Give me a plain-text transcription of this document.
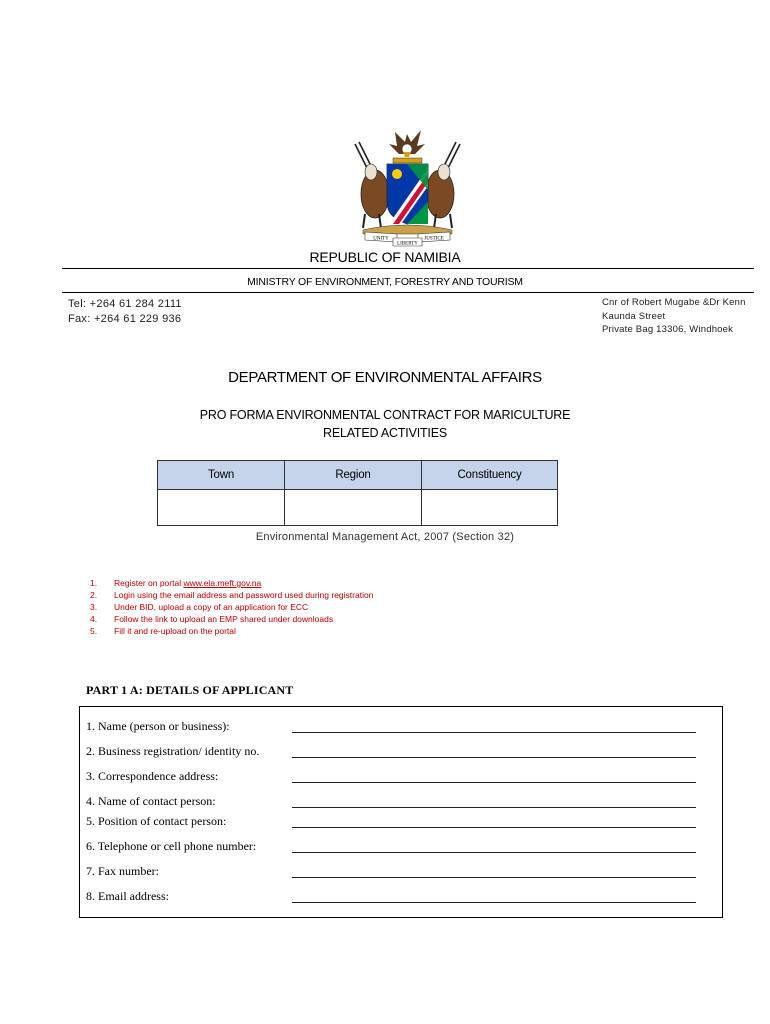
UNITY
LIBERTY
JUSTICE
REPUBLIC OF NAMIBIA
MINISTRY OF ENVIRONMENT, FORESTRY AND TOURISM
Tel: +264 61 284 2111
Fax: +264 61 229 936
Cnr of Robert Mugabe &Dr Kenn
Kaunda Street
Private Bag 13306, Windhoek
DEPARTMENT OF ENVIRONMENTAL AFFAIRS
PRO FORMA ENVIRONMENTAL CONTRACT FOR MARICULTURE
RELATED ACTIVITIES
Town	Region	Constituency

Environmental Management Act, 2007 (Section 32)
1. Register on portal www.eia.meft.gov.na
2. Login using the email address and password used during registration
3. Under BID, upload a copy of an application for ECC
4. Follow the link to upload an EMP shared under downloads
5. Fill it and re-upload on the portal
PART 1 A: DETAILS OF APPLICANT
1. Name (person or business):
2. Business registration/ identity no.
3. Correspondence address:
4. Name of contact person:
5. Position of contact person:
6. Telephone or cell phone number:
7. Fax number:
8. Email address:
